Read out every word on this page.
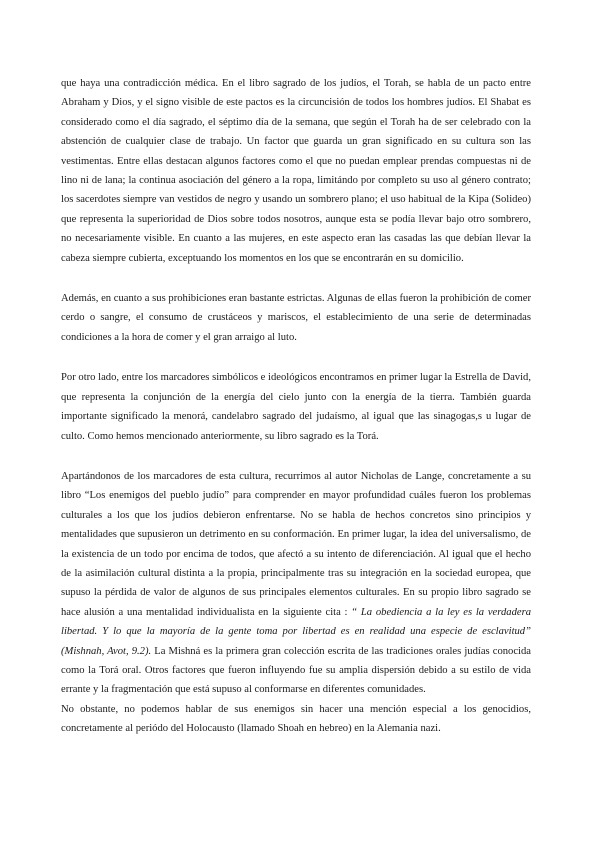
que haya una contradicción médica. En el libro sagrado de los judíos, el Torah, se habla de un pacto entre Abraham y Dios, y el signo visible de este pactos es la circuncisión de todos los hombres judíos. El Shabat es considerado como el día sagrado, el séptimo día de la semana, que según el Torah ha de ser celebrado con la abstención de cualquier clase de trabajo. Un factor que guarda un gran significado en su cultura son las vestimentas. Entre ellas destacan algunos factores como el que no puedan emplear prendas compuestas ni de lino ni de lana; la continua asociación del género a la ropa, limitándo por completo su uso al género contrato; los sacerdotes siempre van vestidos de negro y usando un sombrero plano; el uso habitual de la Kipa (Solideo) que representa la superioridad de Dios sobre todos nosotros, aunque esta se podía llevar bajo otro sombrero, no necesariamente visible. En cuanto a las mujeres, en este aspecto eran las casadas las que debían llevar la cabeza siempre cubierta, exceptuando los momentos en los que se encontrarán en su domicilio.

Además, en cuanto a sus prohibiciones eran bastante estrictas. Algunas de ellas fueron la prohibición de comer cerdo o sangre, el consumo de crustáceos y mariscos, el establecimiento de una serie de determinadas condiciones a la hora de comer y el gran arraigo al luto.

Por otro lado, entre los marcadores simbólicos e ideológicos encontramos en primer lugar la Estrella de David, que representa la conjunción de la energía del cielo junto con la energía de la tierra. También guarda importante significado la menorá, candelabro sagrado del judaísmo, al igual que las sinagogas,s u lugar de culto. Como hemos mencionado anteriormente, su libro sagrado es la Torá.

Apartándonos de los marcadores de esta cultura, recurrimos al autor Nicholas de Lange, concretamente a su libro “Los enemigos del pueblo judío” para comprender en mayor profundidad cuáles fueron los problemas culturales a los que los judíos debieron enfrentarse. No se habla de hechos concretos sino principios y mentalidades que supusieron un detrimento en su conformación. En primer lugar, la idea del universalismo, de la existencia de un todo por encima de todos, que afectó a su intento de diferenciación. Al igual que el hecho de la asimilación cultural distinta a la propia, principalmente tras su integración en la sociedad europea, que supuso la pérdida de valor de algunos de sus principales elementos culturales. En su propio libro sagrado se hace alusión a una mentalidad individualista en la siguiente cita : “ La obediencia a la ley es la verdadera libertad. Y lo que la mayoría de la gente toma por libertad es en realidad una especie de esclavitud” (Mishnah, Avot, 9.2). La Mishná es la primera gran colección escrita de las tradiciones orales judías conocida como la Torá oral. Otros factores que fueron influyendo fue su amplia dispersión debido a su estilo de vida errante y la fragmentación que está supuso al conformarse en diferentes comunidades.

No obstante, no podemos hablar de sus enemigos sin hacer una mención especial a los genocidios, concretamente al periódo del Holocausto (llamado Shoah en hebreo) en la Alemania nazi.
